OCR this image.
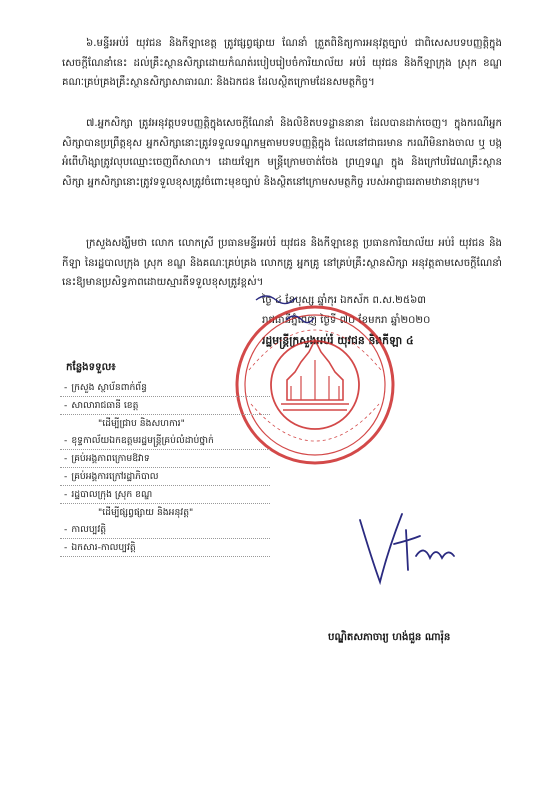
៦.មន្ទីរអប់រំ យុវជន និងកីឡាខេត្ត ត្រូវផ្សព្វផ្សាយ ណែនាំ ត្រួតពិនិត្យការអនុវត្តច្បាប់ ជាពិសេសបទបញ្ញត្តិក្នុងសេចក្តីណែនាំនេះ ដល់គ្រឹះស្ថានសិក្សាដោយកំណត់របៀបរៀបចំការិយាល័យ អប់រំ យុវជន និងកីឡាក្រុង ស្រុក ខណ្ឌ គណៈគ្រប់គ្រងគ្រឹះស្ថានសិក្សាសាធារណៈ និងឯកជន ដែលស្ថិតក្រោមដែនសមត្ថកិច្ច។

៧.អ្នកសិក្សា ត្រូវអនុវត្តបទបញ្ញត្តិក្នុងសេចក្តីណែនាំ និងលិខិតបទដ្ឋាននានា ដែលបានដាក់ចេញ។ ក្នុងករណីអ្នកសិក្សាបានប្រព្រឹត្តខុស អ្នកសិក្សានោះត្រូវទទួលទណ្ឌកម្មតាមបទបញ្ញត្តិក្នុង ដែលនៅជាធរមាន ករណីមិនរាងចាល ឬ បង្កអំពើហិង្សាត្រូវលុបឈ្មោះចេញពីសាលា។ ដោយឡែក មន្ត្រីក្រោមចាត់ចែង ព្រហ្មទណ្ឌ ក្នុង និងក្រៅបរិវេណគ្រឹះស្ថានសិក្សា អ្នកសិក្សានោះត្រូវទទួលខុសត្រូវចំពោះមុខច្បាប់ និងស្ថិតនៅក្រោមសមត្ថកិច្ច របស់អាជ្ញាធរតាមឋានានុក្រម។

ក្រសួងសង្ឃឹមថា លោក លោកស្រី ប្រធានមន្ទីរអប់រំ យុវជន និងកីឡាខេត្ត ប្រធានការិយាល័យ អប់រំ យុវជន និងកីឡា នៃរដ្ឋបាលក្រុង ស្រុក ខណ្ឌ និងគណៈគ្រប់គ្រង លោកគ្រូ អ្នកគ្រូ នៅគ្រប់គ្រឹះស្ថានសិក្សា អនុវត្តតាមសេចក្តីណែនាំនេះឱ្យមានប្រសិទ្ធភាពដោយស្មារតីទទួលខុសត្រូវខ្ពស់។

ថ្ងៃ ៤ ខែបុស្ស ឆ្នាំកុរ ឯកស័ក ព.ស.២៥៦៣
រាជធានីភ្នំពេញ ថ្ងៃទី ៧០ ខែមករា ឆ្នាំ២០២០
រដ្ឋមន្ត្រីក្រសួងអប់រំ យុវជន និងកីឡា ៤
កន្លែងទទួល៖
- ក្រសួង ស្ថាប័នពាក់ព័ន្ធ
- សាលារាជធានី ខេត្ត
"ដើម្បីជ្រាប និងសហការ"
- ខុទ្ទកាល័យឯកឧត្តមរដ្ឋមន្ត្រីគ្រប់លំដាប់ថ្នាក់
- គ្រប់អង្គភាពក្រោមឱវាទ
- គ្រប់អង្គការក្រៅរដ្ឋាភិបាល
- រដ្ឋបាលក្រុង ស្រុក ខណ្ឌ
"ដើម្បីផ្សព្វផ្សាយ និងអនុវត្ត"
- កាលប្បវត្តិ
- ឯកសារ-កាលប្បវត្តិ
បណ្ឌិតសភាចារ្យ ហង់ជួន ណារ៉ុន
